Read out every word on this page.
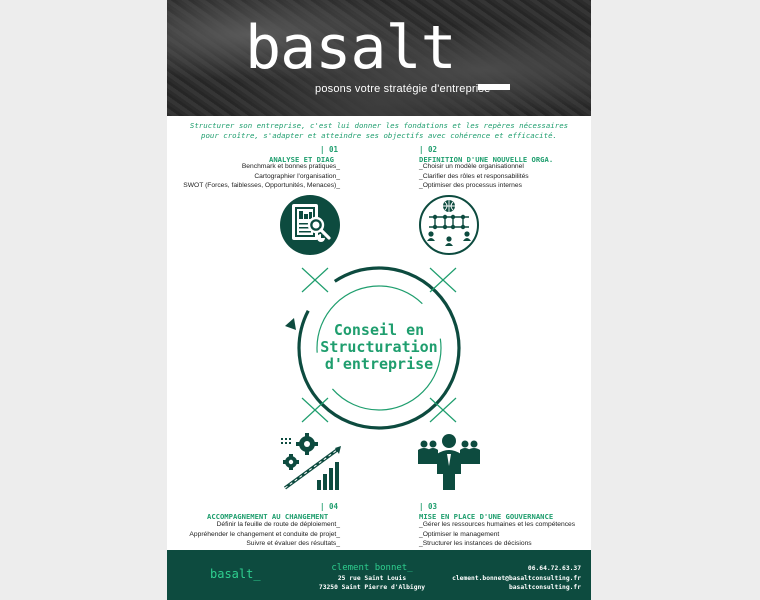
basalt
posons votre stratégie d'entreprise
Structurer son entreprise, c'est lui donner les fondations et les repères nécessaires
pour croître, s'adapter et atteindre ses objectifs avec cohérence et efficacité.
| 01
ANALYSE ET DIAG
Benchmark et bonnes pratiques_
Cartographier l'organisation_
SWOT (Forces, faiblesses, Opportunités, Menaces)_
| 02
DEFINITION D'UNE NOUVELLE ORGA.
_Choisir un modèle organisationnel
_Clarifier des rôles et responsabilités
_Optimiser des processus internes
Conseil en
Structuration
d'entreprise
| 04
ACCOMPAGNEMENT AU CHANGEMENT
Définir la feuille de route de déploiement_
Appréhender le changement et conduite de projet_
Suivre et évaluer des résultats_
| 03
MISE EN PLACE D'UNE GOUVERNANCE
_Gérer les ressources humaines et les compétences
_Optimiser le management
_Structurer les instances de décisions
basalt_	clement bonnet_
25 rue Saint Louis
73250 Saint Pierre d'Albigny
06.64.72.63.37
clement.bonnet@basaltconsulting.fr
basaltconsulting.fr
